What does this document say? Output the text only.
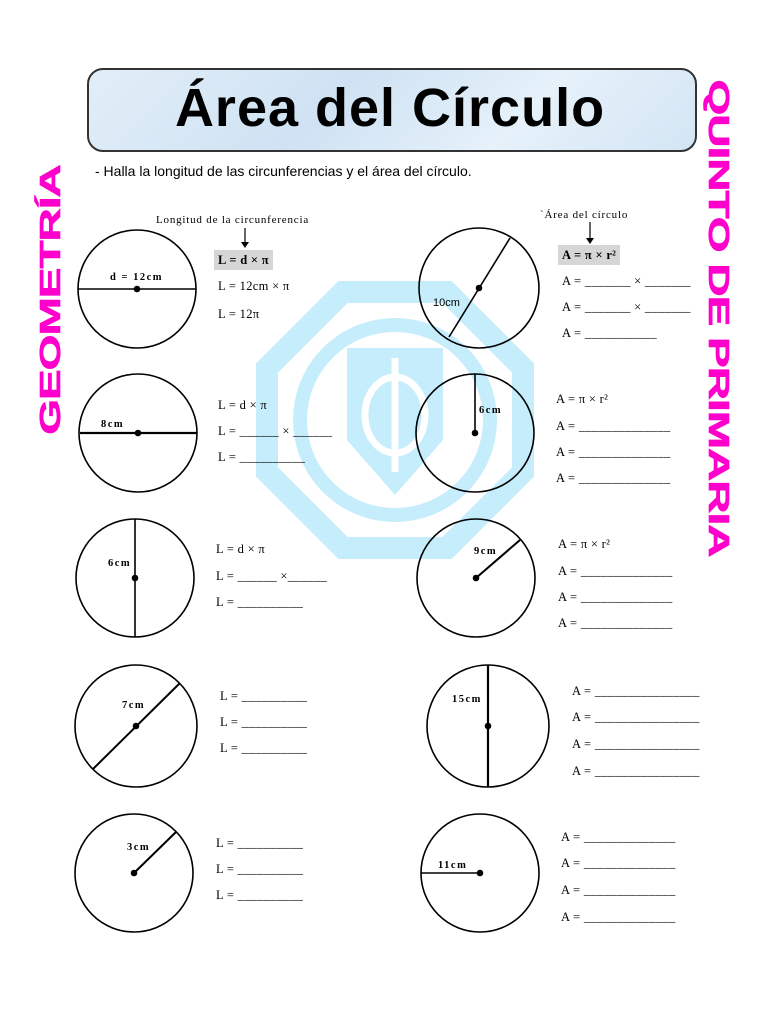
Área del Círculo
- Halla la longitud de las circunferencias y el área del círculo.
GEOMETRÍA	QUINTO DE PRIMARIA
Longitud de la circunferencia	`Área del círculo
d = 12cm
8cm
6cm
7cm
3cm
10cm
6cm
9cm
15cm
11cm
L = d × π
L = 12cm × π
L = 12π
L = d × π
L = ______ × ______
L = __________
L = d × π
L = ______ ×______
L = __________
L = __________
L = __________
L = __________
L = __________
L = __________
L = __________
A = π × r²
A = _______ × _______
A = _______ × _______
A = ___________
A = π × r²
A = ______________
A = ______________
A = ______________
A = π × r²
A = ______________
A = ______________
A = ______________
A = ________________
A = ________________
A = ________________
A = ________________
A = ______________
A = ______________
A = ______________
A = ______________
